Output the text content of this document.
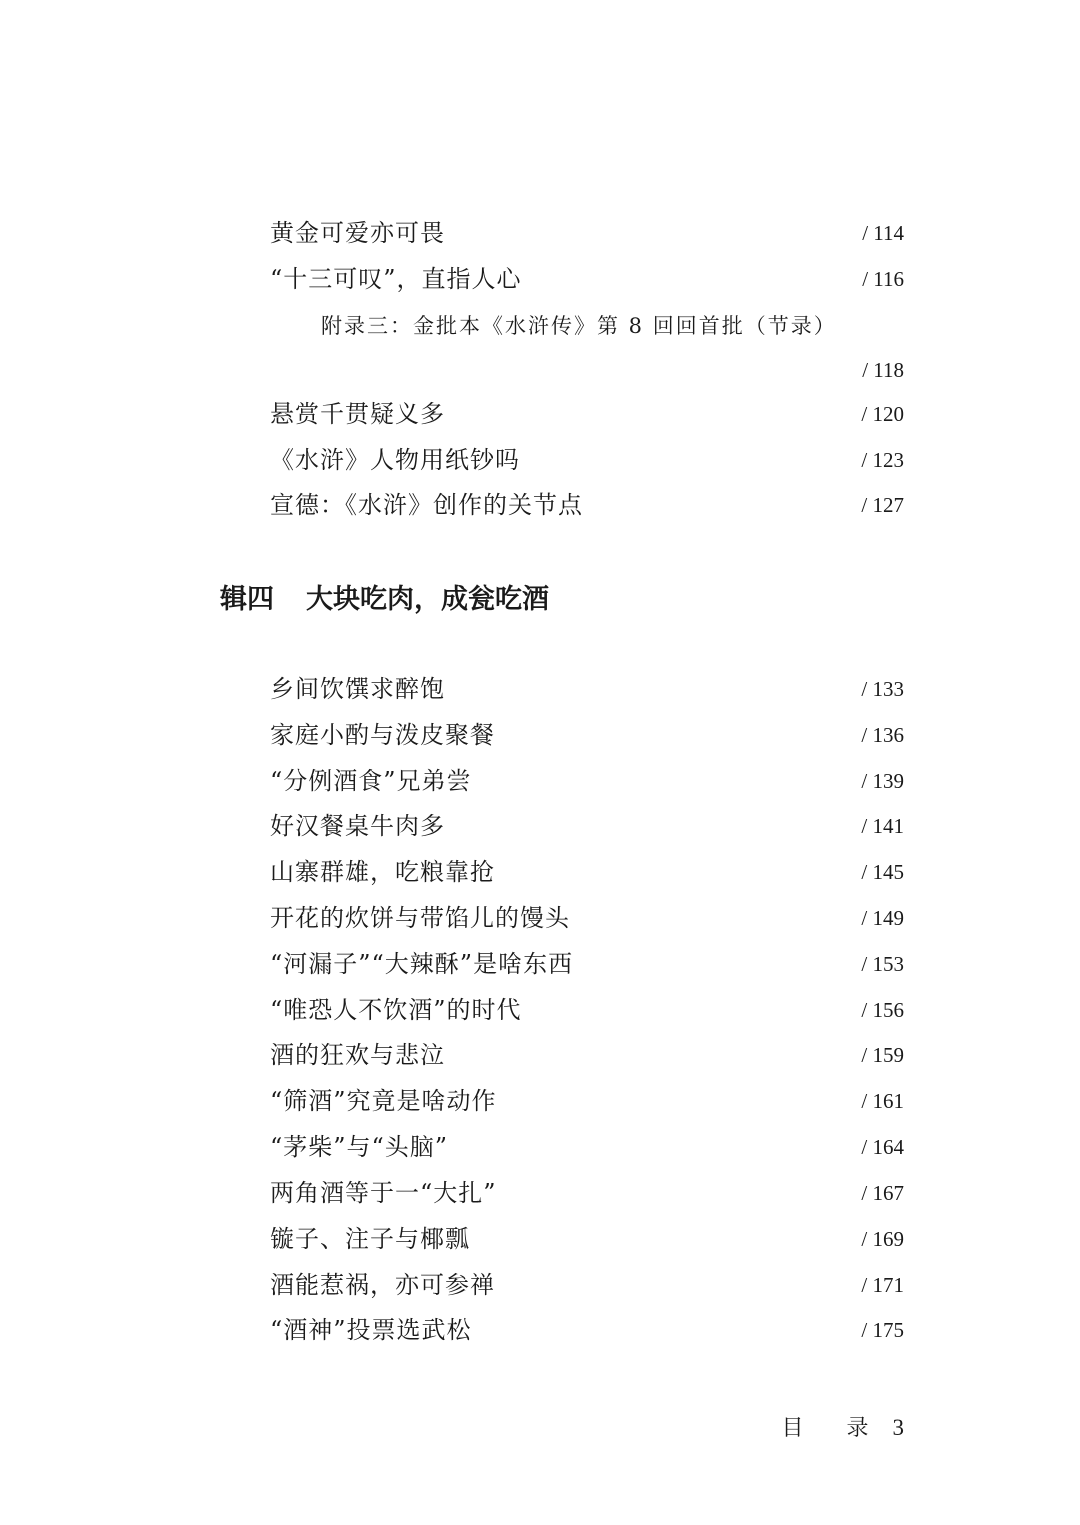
黄金可爱亦可畏	/ 114
“十三可叹”，直指人心	/ 116
附录三：金批本《水浒传》第 8 回回首批（节录）
/ 118
悬赏千贯疑义多	/ 120
《水浒》人物用纸钞吗	/ 123
宣德：《水浒》创作的关节点	/ 127
辑四 大块吃肉，成瓮吃酒
乡间饮馔求醉饱	/ 133
家庭小酌与泼皮聚餐	/ 136
“分例酒食”兄弟尝	/ 139
好汉餐桌牛肉多	/ 141
山寨群雄，吃粮靠抢	/ 145
开花的炊饼与带馅儿的馒头	/ 149
“河漏子”“大辣酥”是啥东西	/ 153
“唯恐人不饮酒”的时代	/ 156
酒的狂欢与悲泣	/ 159
“筛酒”究竟是啥动作	/ 161
“茅柴”与“头脑”	/ 164
两角酒等于一“大扎”	/ 167
镟子、注子与椰瓢	/ 169
酒能惹祸，亦可参禅	/ 171
“酒神”投票选武松	/ 175
目 录 3
